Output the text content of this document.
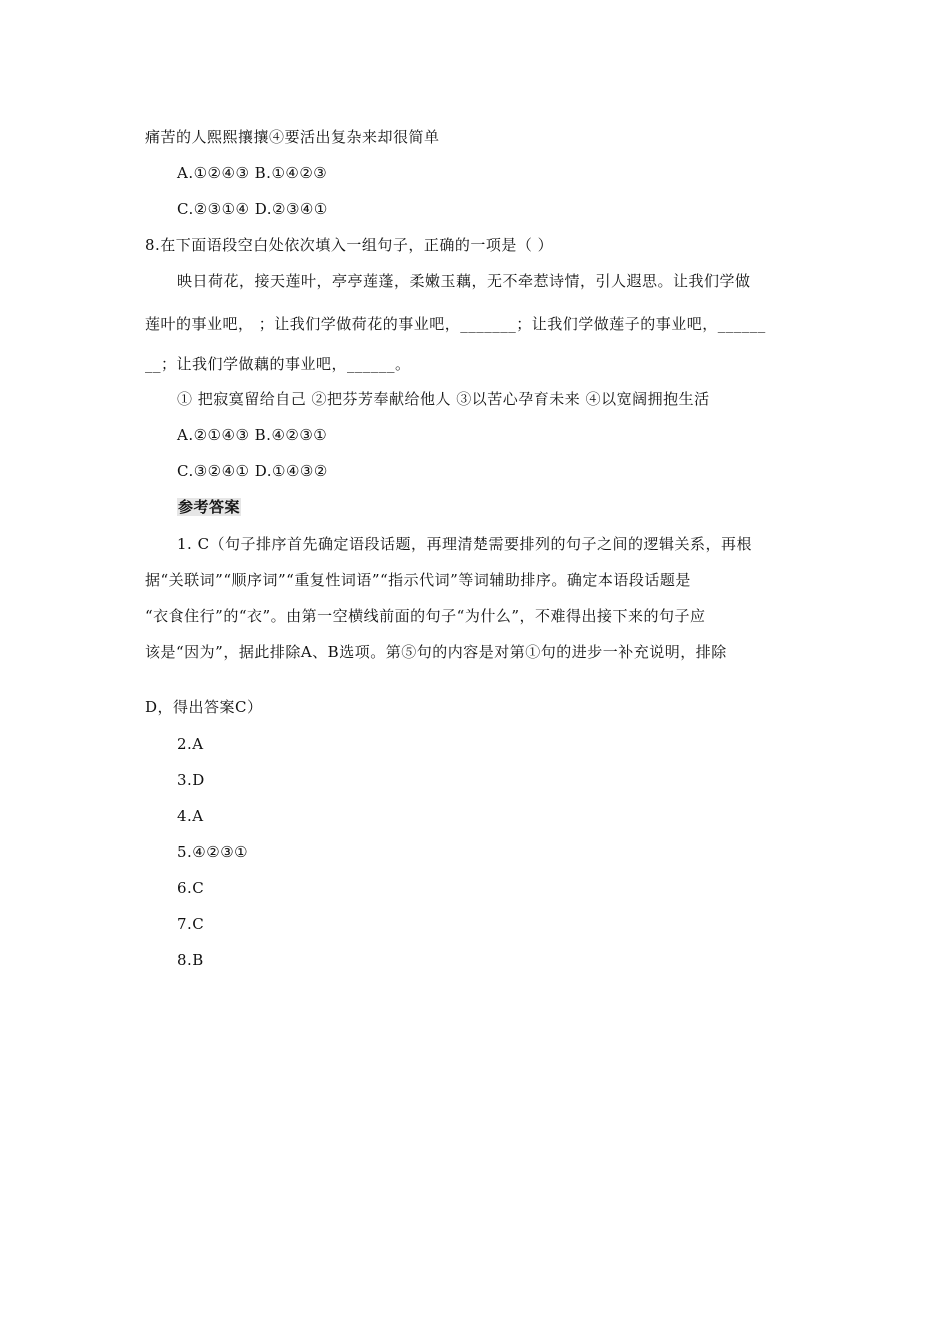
痛苦的人熙熙攘攘④要活出复杂来却很简单
A.①②④③ B.①④②③
C.②③①④ D.②③④①
8.在下面语段空白处依次填入一组句子，正确的一项是（ ）
映日荷花，接天莲叶，亭亭莲蓬，柔嫩玉藕，无不牵惹诗情，引人遐思。让我们学做
莲叶的事业吧， ；让我们学做荷花的事业吧，_______；让我们学做莲子的事业吧，______
__；让我们学做藕的事业吧，______。
① 把寂寞留给自己 ②把芬芳奉献给他人 ③以苦心孕育未来 ④以宽阔拥抱生活
A.②①④③ B.④②③①
C.③②④① D.①④③②
参考答案
1. C（句子排序首先确定语段话题，再理清楚需要排列的句子之间的逻辑关系，再根
据“关联词”“顺序词”“重复性词语”“指示代词”等词辅助排序。确定本语段话题是
“衣食住行”的“衣”。由第一空横线前面的句子“为什么”，不难得出接下来的句子应
该是“因为”，据此排除A、B选项。第⑤句的内容是对第①句的进步一补充说明，排除
D，得出答案C）
2.A
3.D
4.A
5.④②③①
6.C
7.C
8.B
